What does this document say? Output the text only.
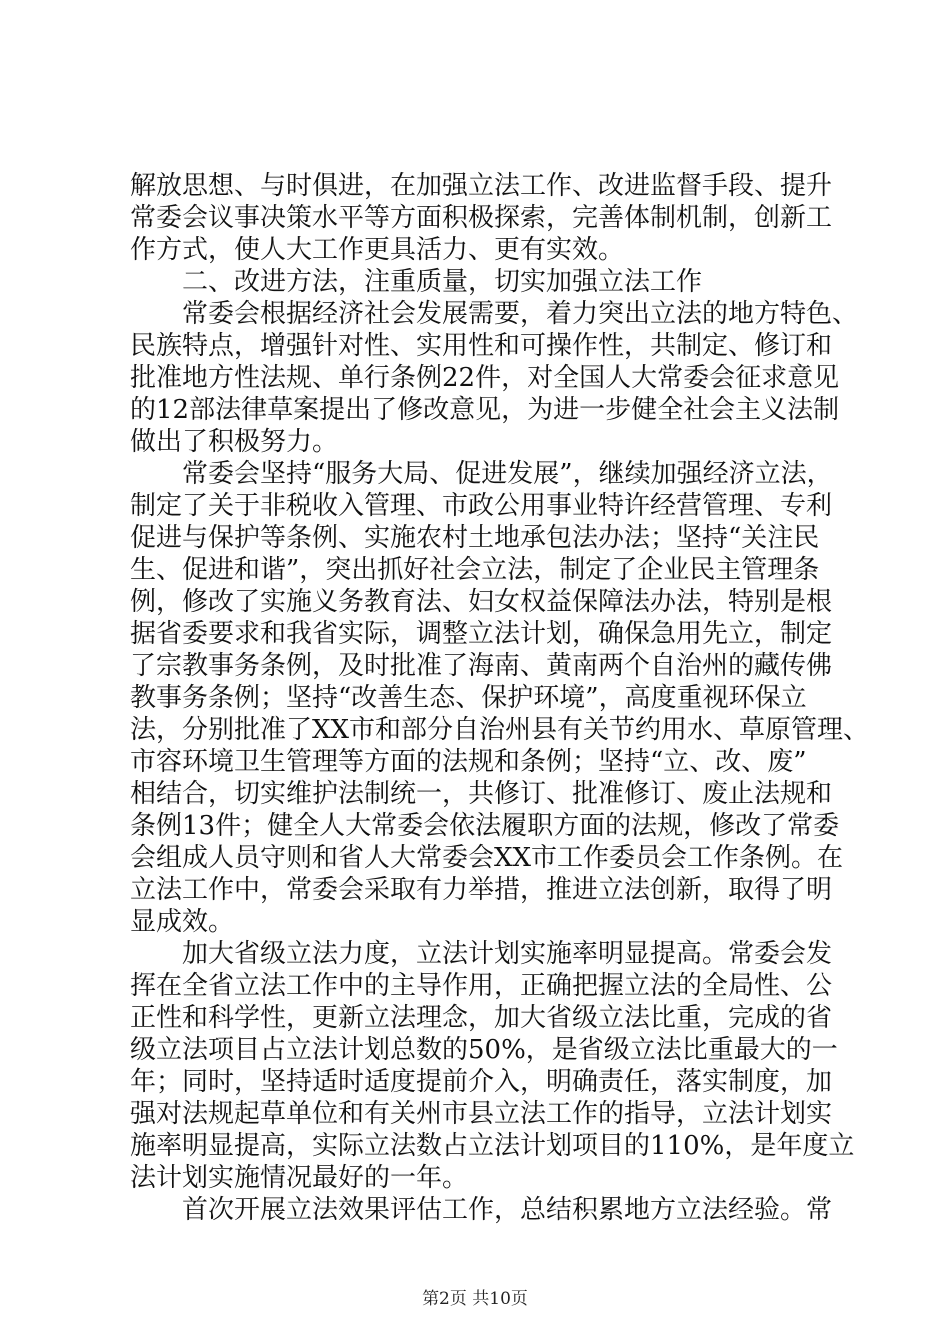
解放思想、与时俱进，在加强立法工作、改进监督手段、提升
常委会议事决策水平等方面积极探索，完善体制机制，创新工
作方式，使人大工作更具活力、更有实效。
　　二、改进方法，注重质量，切实加强立法工作
　　常委会根据经济社会发展需要，着力突出立法的地方特色、
民族特点，增强针对性、实用性和可操作性，共制定、修订和
批准地方性法规、单行条例22件，对全国人大常委会征求意见
的12部法律草案提出了修改意见，为进一步健全社会主义法制
做出了积极努力。
　　常委会坚持“服务大局、促进发展”，继续加强经济立法，
制定了关于非税收入管理、市政公用事业特许经营管理、专利
促进与保护等条例、实施农村土地承包法办法；坚持“关注民
生、促进和谐”，突出抓好社会立法，制定了企业民主管理条
例，修改了实施义务教育法、妇女权益保障法办法，特别是根
据省委要求和我省实际，调整立法计划，确保急用先立，制定
了宗教事务条例，及时批准了海南、黄南两个自治州的藏传佛
教事务条例；坚持“改善生态、保护环境”，高度重视环保立
法，分别批准了XX市和部分自治州县有关节约用水、草原管理、
市容环境卫生管理等方面的法规和条例；坚持“立、改、废”
相结合，切实维护法制统一，共修订、批准修订、废止法规和
条例13件；健全人大常委会依法履职方面的法规，修改了常委
会组成人员守则和省人大常委会XX市工作委员会工作条例。在
立法工作中，常委会采取有力举措，推进立法创新，取得了明
显成效。
　　加大省级立法力度，立法计划实施率明显提高。常委会发
挥在全省立法工作中的主导作用，正确把握立法的全局性、公
正性和科学性，更新立法理念，加大省级立法比重，完成的省
级立法项目占立法计划总数的50%，是省级立法比重最大的一
年；同时，坚持适时适度提前介入，明确责任，落实制度，加
强对法规起草单位和有关州市县立法工作的指导，立法计划实
施率明显提高，实际立法数占立法计划项目的110%，是年度立
法计划实施情况最好的一年。
　　首次开展立法效果评估工作，总结积累地方立法经验。常
第2页 共10页
